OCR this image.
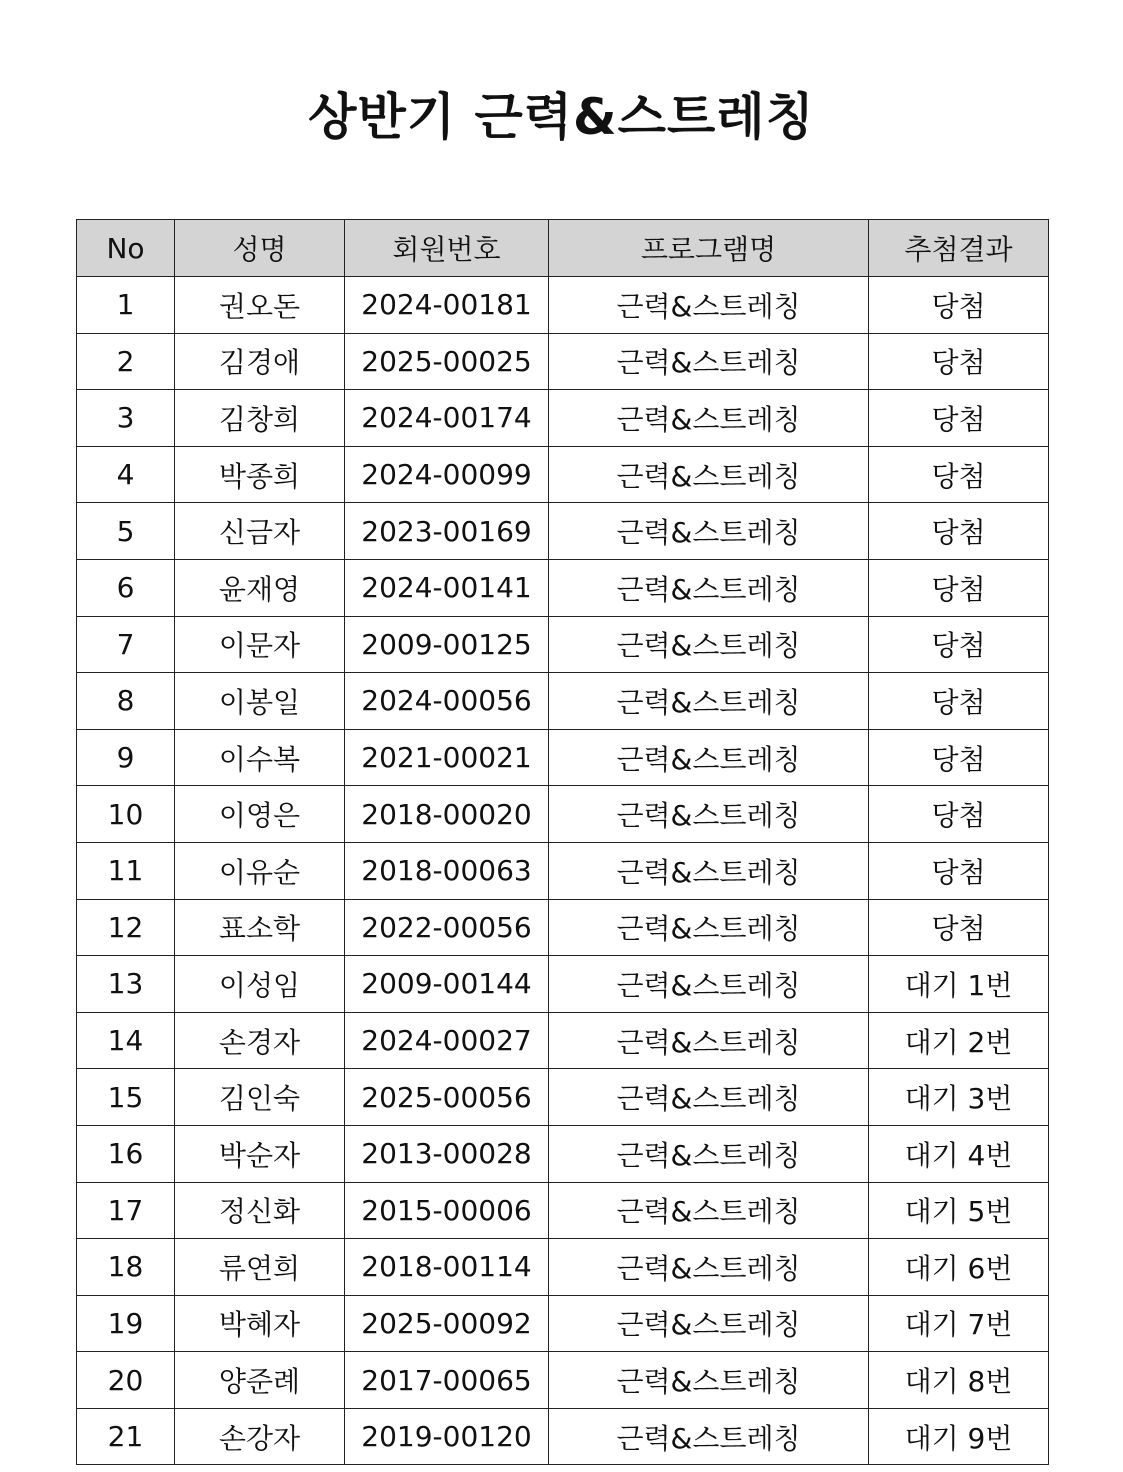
상반기 근력&스트레칭
No	성명	회원번호	프로그램명	추첨결과
1	권오돈	2024-00181	근력&스트레칭	당첨
2	김경애	2025-00025	근력&스트레칭	당첨
3	김창희	2024-00174	근력&스트레칭	당첨
4	박종희	2024-00099	근력&스트레칭	당첨
5	신금자	2023-00169	근력&스트레칭	당첨
6	윤재영	2024-00141	근력&스트레칭	당첨
7	이문자	2009-00125	근력&스트레칭	당첨
8	이봉일	2024-00056	근력&스트레칭	당첨
9	이수복	2021-00021	근력&스트레칭	당첨
10	이영은	2018-00020	근력&스트레칭	당첨
11	이유순	2018-00063	근력&스트레칭	당첨
12	표소학	2022-00056	근력&스트레칭	당첨
13	이성임	2009-00144	근력&스트레칭	대기 1번
14	손경자	2024-00027	근력&스트레칭	대기 2번
15	김인숙	2025-00056	근력&스트레칭	대기 3번
16	박순자	2013-00028	근력&스트레칭	대기 4번
17	정신화	2015-00006	근력&스트레칭	대기 5번
18	류연희	2018-00114	근력&스트레칭	대기 6번
19	박혜자	2025-00092	근력&스트레칭	대기 7번
20	양준례	2017-00065	근력&스트레칭	대기 8번
21	손강자	2019-00120	근력&스트레칭	대기 9번
